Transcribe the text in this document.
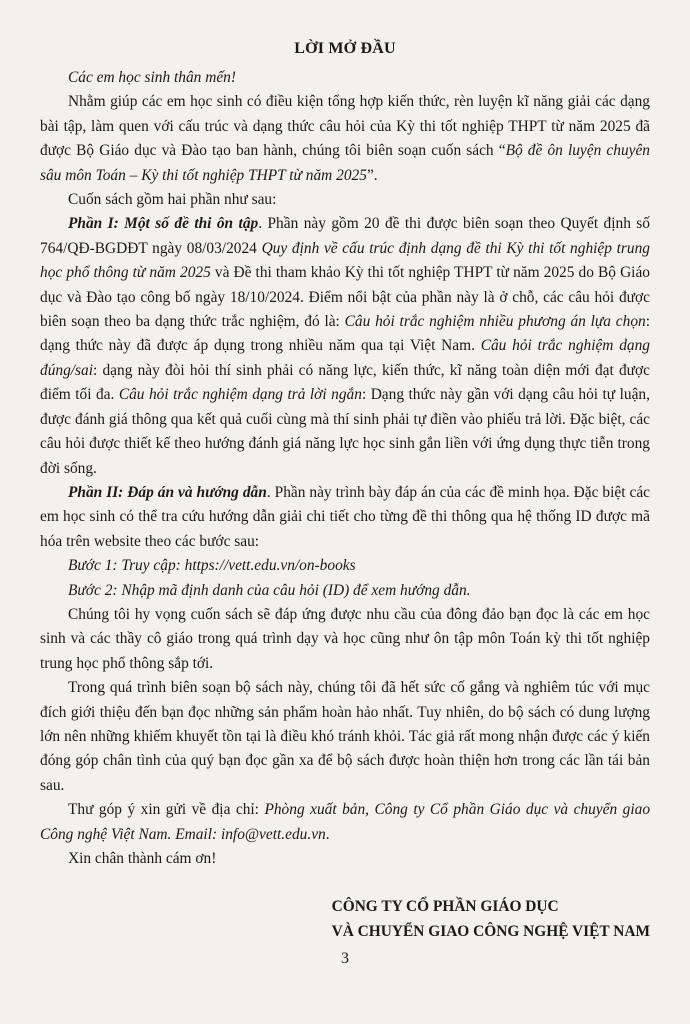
LỜI MỞ ĐẦU

Các em học sinh thân mến!

Nhằm giúp các em học sinh có điều kiện tổng hợp kiến thức, rèn luyện kĩ năng giải các dạng bài tập, làm quen với cấu trúc và dạng thức câu hỏi của Kỳ thi tốt nghiệp THPT từ năm 2025 đã được Bộ Giáo dục và Đào tạo ban hành, chúng tôi biên soạn cuốn sách “Bộ đề ôn luyện chuyên sâu môn Toán – Kỳ thi tốt nghiệp THPT từ năm 2025”.

Cuốn sách gồm hai phần như sau:

Phần I: Một số đề thi ôn tập. Phần này gồm 20 đề thi được biên soạn theo Quyết định số 764/QĐ-BGDĐT ngày 08/03/2024 Quy định về cấu trúc định dạng đề thi Kỳ thi tốt nghiệp trung học phổ thông từ năm 2025 và Đề thi tham khảo Kỳ thi tốt nghiệp THPT từ năm 2025 do Bộ Giáo dục và Đào tạo công bố ngày 18/10/2024. Điểm nổi bật của phần này là ở chỗ, các câu hỏi được biên soạn theo ba dạng thức trắc nghiệm, đó là: Câu hỏi trắc nghiệm nhiều phương án lựa chọn: dạng thức này đã được áp dụng trong nhiều năm qua tại Việt Nam. Câu hỏi trắc nghiệm dạng đúng/sai: dạng này đòi hỏi thí sinh phải có năng lực, kiến thức, kĩ năng toàn diện mới đạt được điểm tối đa. Câu hỏi trắc nghiệm dạng trả lời ngắn: Dạng thức này gần với dạng câu hỏi tự luận, được đánh giá thông qua kết quả cuối cùng mà thí sinh phải tự điền vào phiếu trả lời. Đặc biệt, các câu hỏi được thiết kế theo hướng đánh giá năng lực học sinh gắn liền với ứng dụng thực tiễn trong đời sống.

Phần II: Đáp án và hướng dẫn. Phần này trình bày đáp án của các đề minh họa. Đặc biệt các em học sinh có thể tra cứu hướng dẫn giải chi tiết cho từng đề thi thông qua hệ thống ID được mã hóa trên website theo các bước sau:

Bước 1: Truy cập: https://vett.edu.vn/on-books

Bước 2: Nhập mã định danh của câu hỏi (ID) để xem hướng dẫn.

Chúng tôi hy vọng cuốn sách sẽ đáp ứng được nhu cầu của đông đảo bạn đọc là các em học sinh và các thầy cô giáo trong quá trình dạy và học cũng như ôn tập môn Toán kỳ thi tốt nghiệp trung học phổ thông sắp tới.

Trong quá trình biên soạn bộ sách này, chúng tôi đã hết sức cố gắng và nghiêm túc với mục đích giới thiệu đến bạn đọc những sản phẩm hoàn hảo nhất. Tuy nhiên, do bộ sách có dung lượng lớn nên những khiếm khuyết tồn tại là điều khó tránh khỏi. Tác giả rất mong nhận được các ý kiến đóng góp chân tình của quý bạn đọc gần xa để bộ sách được hoàn thiện hơn trong các lần tái bản sau.

Thư góp ý xin gửi về địa chỉ: Phòng xuất bản, Công ty Cổ phần Giáo dục và chuyển giao Công nghệ Việt Nam. Email: info@vett.edu.vn.

Xin chân thành cám ơn!

CÔNG TY CỔ PHẦN GIÁO DỤC
VÀ CHUYỂN GIAO CÔNG NGHỆ VIỆT NAM
3
